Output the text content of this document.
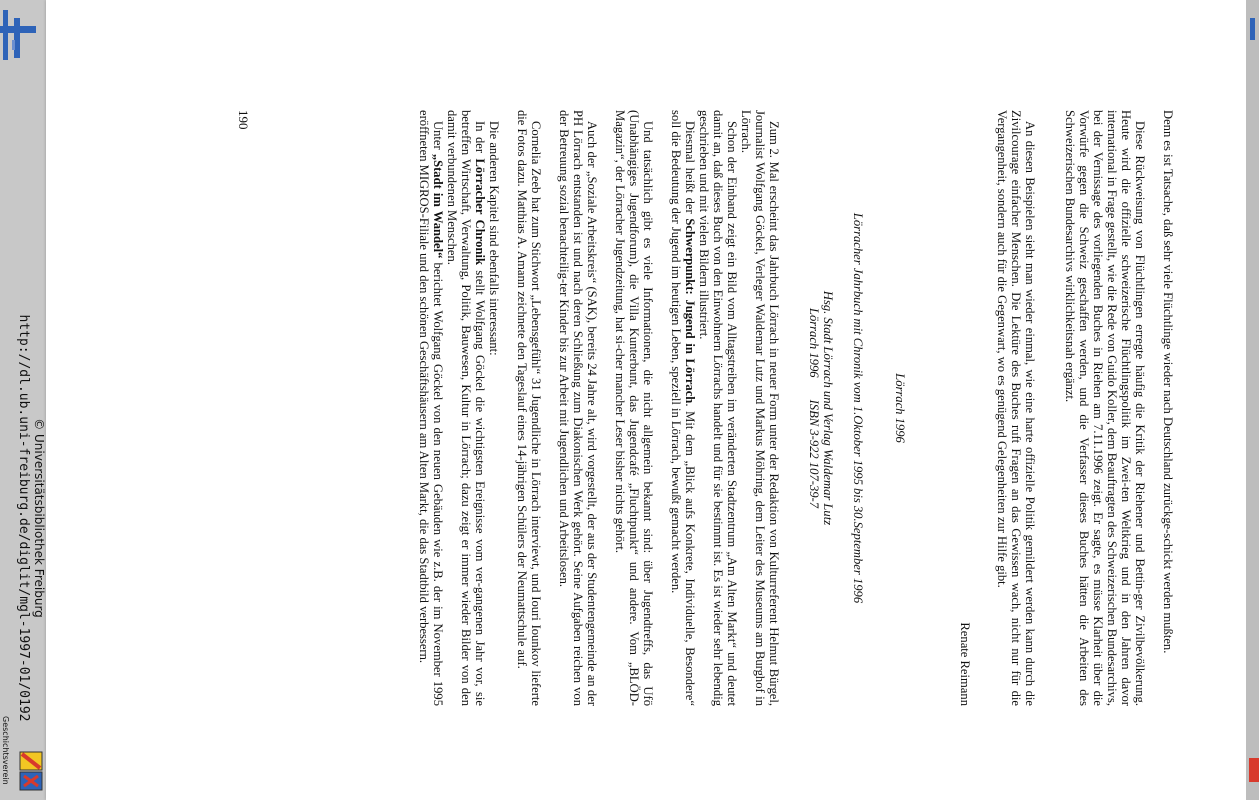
http://dl.ub.uni-freiburg.de/diglit/mgl-1997-01/0192 © Universitätsbibliothek Freiburg
Geschichtsverein

Denn es ist Tatsache, daß sehr viele Flüchtlinge wieder nach Deutschland zurückge-schickt werden mußten.

Diese Rückweisung von Flüchtlingen erregte häufig die Kritik der Riehener und Bettin-ger Zivilbevölkerung. Heute wird die offizielle schweizerische Flüchtlingspolitik im Zwei-ten Weltkrieg und in den Jahren davor international in Frage gestellt, wie die Rede von Guido Koller, dem Beauftragten des Schweizerischen Bundesarchivs, bei der Vernissage des vorliegenden Buches in Riehen am 7.11.1996 zeigt. Er sagte, es müsse Klarheit über die Vorwürfe gegen die Schweiz geschaffen werden, und die Verfasser dieses Buches hätten die Arbeiten des Schweizerischen Bundesarchivs wirklichkeitsnah ergänzt.

An diesen Beispielen sieht man wieder einmal, wie eine harte offizielle Politik gemildert werden kann durch die Zivilcourage einfacher Menschen. Die Lektüre des Buches ruft Fragen an das Gewissen wach, nicht nur für die Vergangenheit, sondern auch für die Gegenwart, wo es genügend Gelegenheiten zur Hilfe gibt.

Renate Reimann

Lörrach 1996

Lörracher Jahrbuch mit Chronik vom 1.Oktober 1995 bis 30.September 1996

Hsg. Stadt Lörrach und Verlag Waldemar Lutz

Lörrach 1996       ISBN 3-922 107-39-7

Zum 2. Mal erscheint das Jahrbuch Lörrach in neuer Form unter der Redaktion von Kulturreferent Helmut Bürgel, Journalist Wolfgang Göckel, Verleger Waldemar Lutz und Markus Möhring, dem Leiter des Museums am Burghof in Lörrach.

Schon der Einband zeigt ein Bild vom Alltagstreiben im veränderten Stadtzentrum „Am Alten Markt“ und deutet damit an, daß dieses Buch von den Einwohnern Lörrachs handelt und für sie bestimmt ist. Es ist wieder sehr lebendig geschrieben und mit vielen Bildern illustriert.

Diesmal heißt der Schwerpunkt: Jugend in Lörrach. Mit dem „Blick aufs Konkrete, Individuelle, Besondere“ soll die Bedeutung der Jugend im heutigen Leben, speziell in Lörrach, bewußt gemacht werden.

Und tatsächlich gibt es viele Informationen, die nicht allgemein bekannt sind: über Jugendtreffs, das Ufö (Unabhängiges Jugendforum), die Villa Kunterbunt, das Jugendcafé „Fluchtpunkt“ und andere. Vom „BLÖD-Magazin“, der Lörracher Jugendzeitung, hat si-cher mancher Leser bisher nichts gehört.

Auch der „Soziale Arbeitskreis“ (SAK), bereits 24 Jahre alt, wird vorgestellt, der aus der Studentengemeinde an der PH Lörrach entstanden ist und nach deren Schließung zum Diakonischen Werk gehört. Seine Aufgaben reichen von der Betreuung sozial benachteilig-ter Kinder bis zur Arbeit mit Jugendlichen und Arbeitslosen.

Cornelia Zeeb hat zum Stichwort „Lebensgefühl“ 31 Jugendliche in Lörrach interviewt, und Iouri Iounkov lieferte die Fotos dazu. Matthias A. Amann zeichnete den Tageslauf eines 14-jährigen Schülers der Neumattschule auf.

Die anderen Kapitel sind ebenfalls interessant:

In der Lörracher Chronik stellt Wolfgang Göckel die wichtigsten Ereignisse vom ver-gangenen Jahr vor, sie betreffen Wirtschaft, Verwaltung, Politik, Bauwesen, Kultur in Lörrach; dazu zeigt er immer wieder Bilder von den damit verbundenen Menschen.

Unter „Stadt im Wandel“ berichtet Wolfgang Göckel von den neuen Gebäuden wie z.B. der im November 1995 eröffneten MIGROS-Filiale und den schönen Geschäftshäusern am Alten Markt, die das Stadtbild verbessern.

190
